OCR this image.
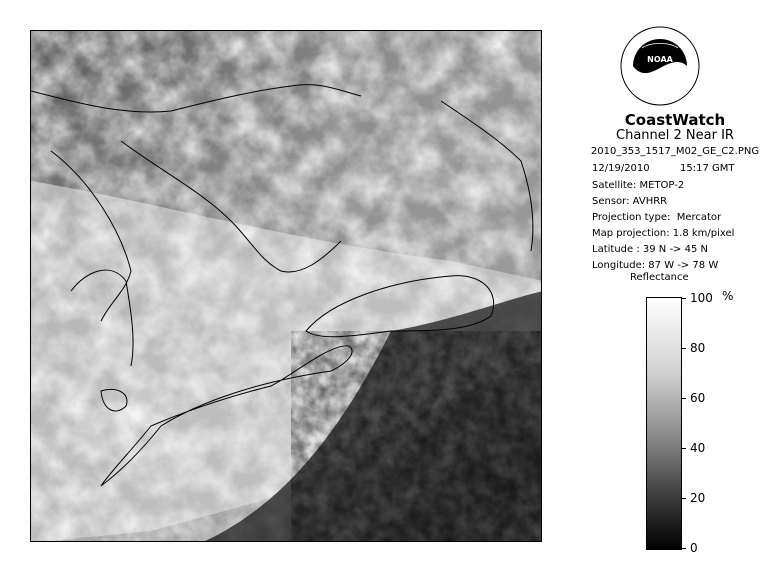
NOAA
CoastWatch
Channel 2 Near IR
2010_353_1517_M02_GE_C2.PNG
12/19/2010	15:17 GMT
Satellite: METOP-2
Sensor: AVHRR
Projection type:  Mercator
Map projection: 1.8 km/pixel
Latitude : 39 N -> 45 N
Longitude: 87 W -> 78 W
Reflectance
%
100
80
60
40
20
0
